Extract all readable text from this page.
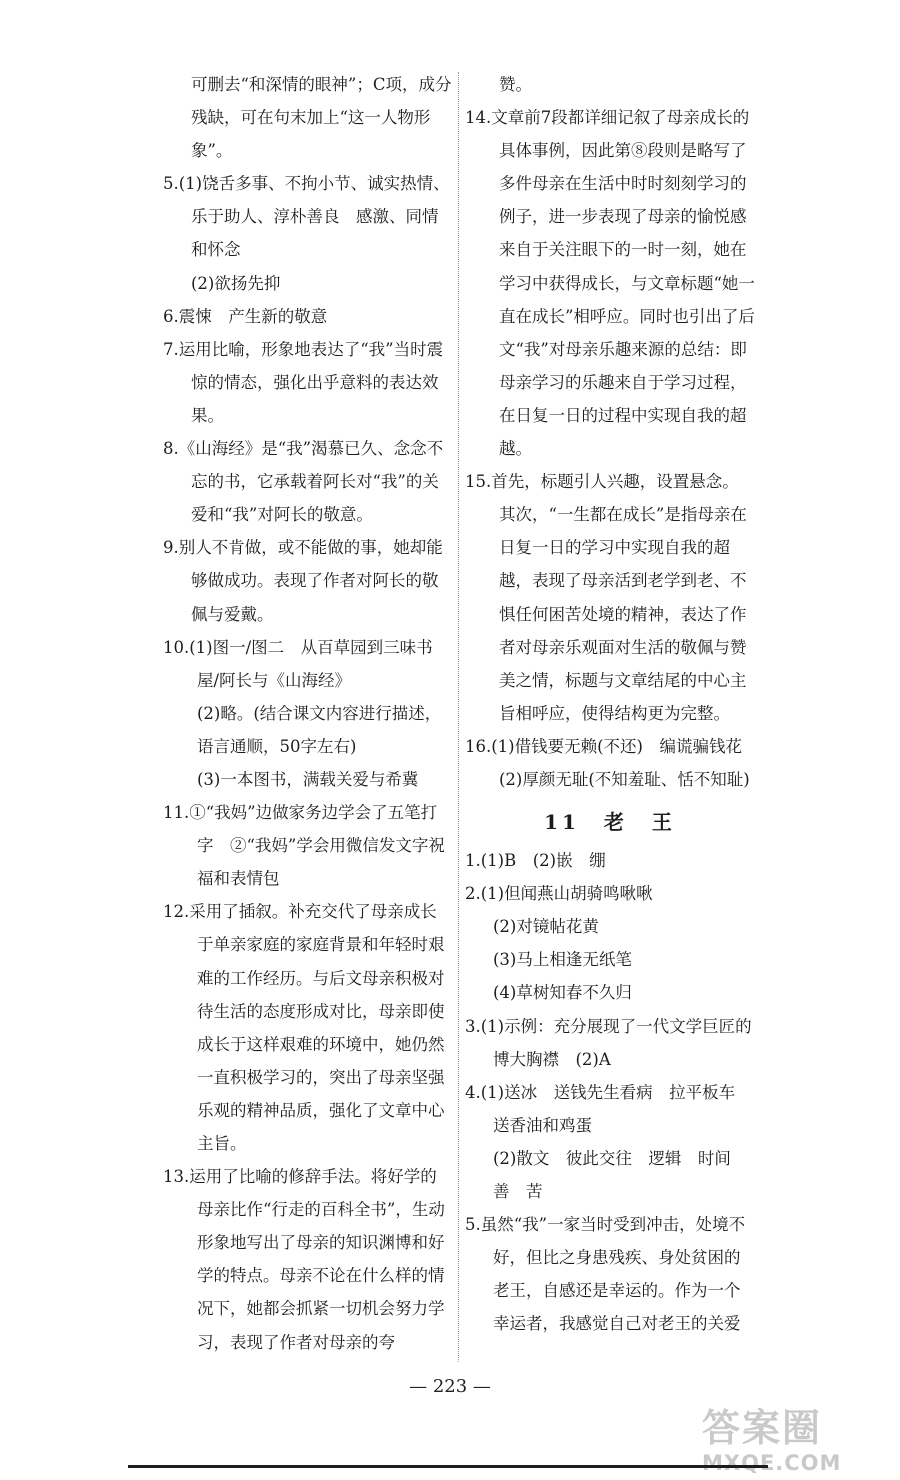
可删去“和深情的眼神”；C项，成分残缺，可在句末加上“这一人物形象”。
5.(1)饶舌多事、不拘小节、诚实热情、乐于助人、淳朴善良　感激、同情和怀念
(2)欲扬先抑
6.震悚　产生新的敬意
7.运用比喻，形象地表达了“我”当时震惊的情态，强化出乎意料的表达效果。
8.《山海经》是“我”渴慕已久、念念不忘的书，它承载着阿长对“我”的关爱和“我”对阿长的敬意。
9.别人不肯做，或不能做的事，她却能够做成功。表现了作者对阿长的敬佩与爱戴。
10.(1)图一/图二　从百草园到三味书屋/阿长与《山海经》
(2)略。(结合课文内容进行描述，语言通顺，50字左右)
(3)一本图书，满载关爱与希冀
11.①“我妈”边做家务边学会了五笔打字　②“我妈”学会用微信发文字祝福和表情包
12.采用了插叙。补充交代了母亲成长于单亲家庭的家庭背景和年轻时艰难的工作经历。与后文母亲积极对待生活的态度形成对比，母亲即使成长于这样艰难的环境中，她仍然一直积极学习的，突出了母亲坚强乐观的精神品质，强化了文章中心主旨。
13.运用了比喻的修辞手法。将好学的母亲比作“行走的百科全书”，生动形象地写出了母亲的知识渊博和好学的特点。母亲不论在什么样的情况下，她都会抓紧一切机会努力学习，表现了作者对母亲的夸
赞。
14.文章前7段都详细记叙了母亲成长的具体事例，因此第⑧段则是略写了多件母亲在生活中时时刻刻学习的例子，进一步表现了母亲的愉悦感来自于关注眼下的一时一刻，她在学习中获得成长，与文章标题“她一直在成长”相呼应。同时也引出了后文“我”对母亲乐趣来源的总结：即母亲学习的乐趣来自于学习过程，在日复一日的过程中实现自我的超越。
15.首先，标题引人兴趣，设置悬念。其次，“一生都在成长”是指母亲在日复一日的学习中实现自我的超越，表现了母亲活到老学到老、不惧任何困苦处境的精神，表达了作者对母亲乐观面对生活的敬佩与赞美之情，标题与文章结尾的中心主旨相呼应，使得结构更为完整。
16.(1)借钱要无赖(不还)　编谎骗钱花　(2)厚颜无耻(不知羞耻、恬不知耻)
11　老　王
1.(1)B　(2)嵌　绷
2.(1)但闻燕山胡骑鸣啾啾
(2)对镜帖花黄
(3)马上相逢无纸笔
(4)草树知春不久归
3.(1)示例：充分展现了一代文学巨匠的博大胸襟　(2)A
4.(1)送冰　送钱先生看病　拉平板车　送香油和鸡蛋
(2)散文　彼此交往　逻辑　时间　善　苦
5.虽然“我”一家当时受到冲击，处境不好，但比之身患残疾、身处贫困的老王，自感还是幸运的。作为一个幸运者，我感觉自己对老王的关爱
— 223 —
答案圈
MXQE.COM
